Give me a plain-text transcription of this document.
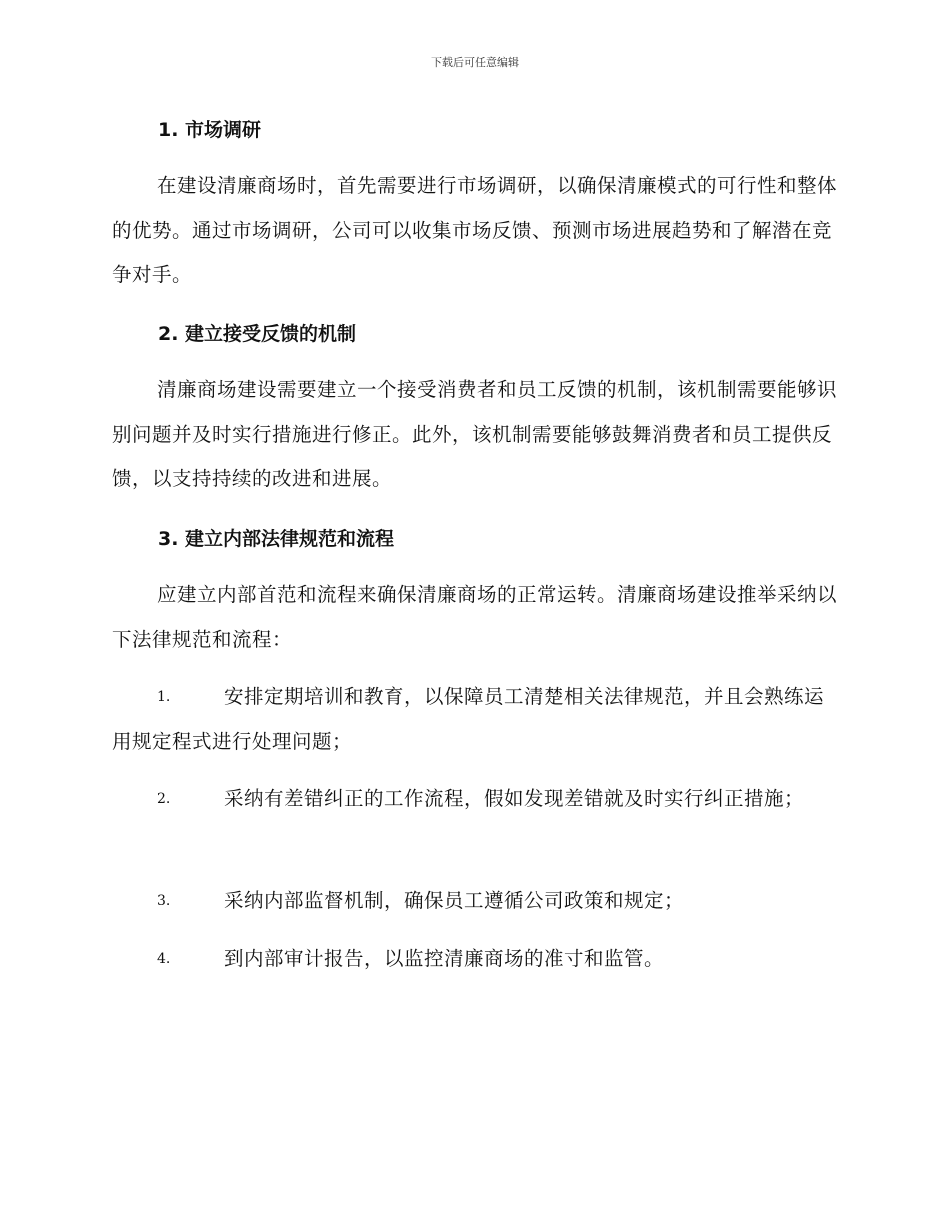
下载后可任意编辑
1. 市场调研
在建设清廉商场时，首先需要进行市场调研，以确保清廉模式的可行性和整体的优势。通过市场调研，公司可以收集市场反馈、预测市场进展趋势和了解潜在竞争对手。
2. 建立接受反馈的机制
清廉商场建设需要建立一个接受消费者和员工反馈的机制，该机制需要能够识别问题并及时实行措施进行修正。此外，该机制需要能够鼓舞消费者和员工提供反馈，以支持持续的改进和进展。
3. 建立内部法律规范和流程
应建立内部首范和流程来确保清廉商场的正常运转。清廉商场建设推举采纳以下法律规范和流程：
1.	安排定期培训和教育，以保障员工清楚相关法律规范，并且会熟练运用规定程式进行处理问题；
2.	采纳有差错纠正的工作流程，假如发现差错就及时实行纠正措施；
3.	采纳内部监督机制，确保员工遵循公司政策和规定；
4.	到内部审计报告，以监控清廉商场的准寸和监管。
